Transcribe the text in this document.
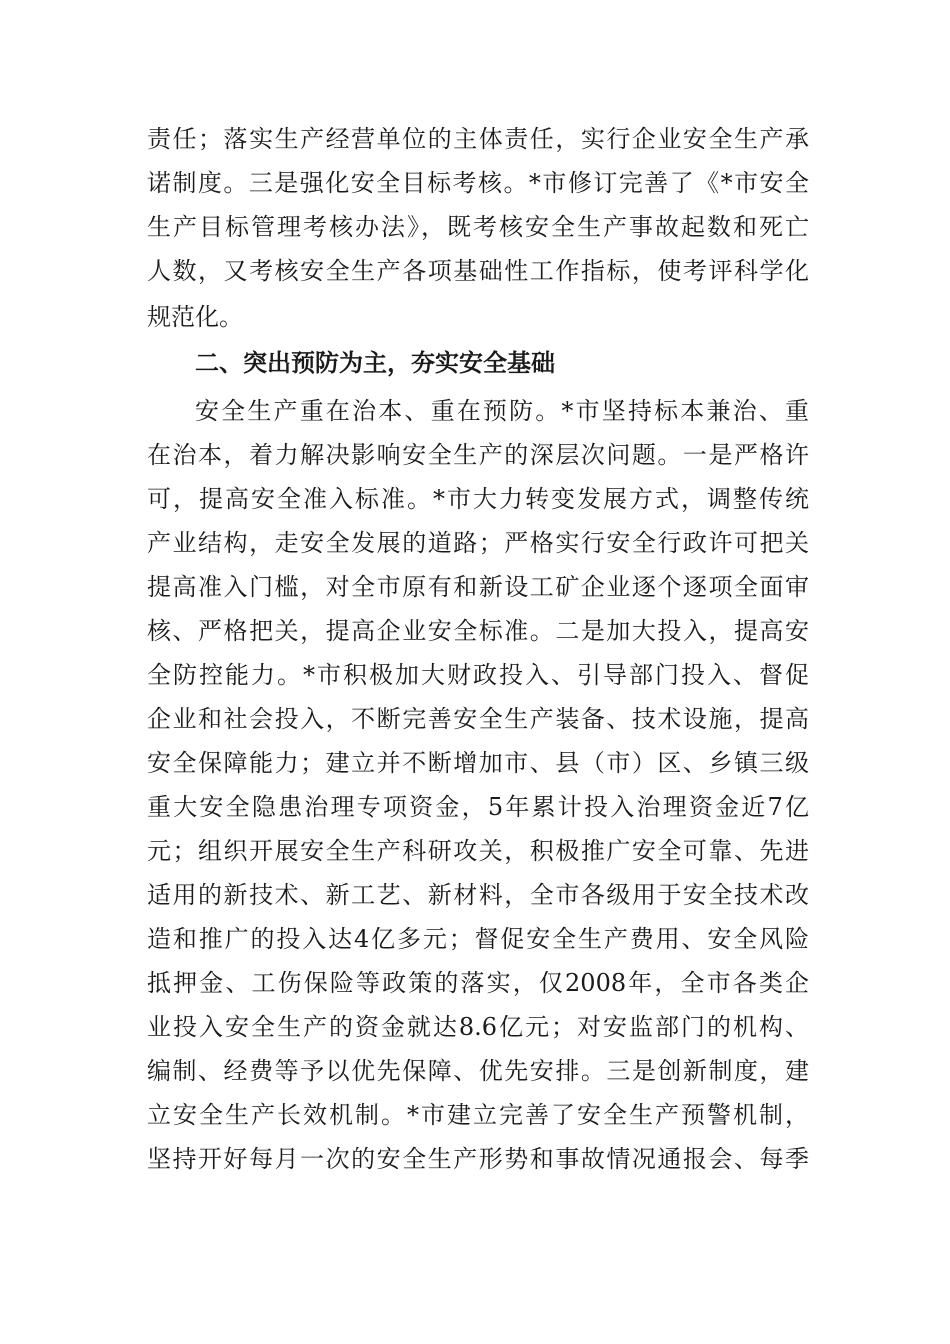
责任；落实生产经营单位的主体责任，实行企业安全生产承
诺制度。三是强化安全目标考核。*市修订完善了《*市安全
生产目标管理考核办法》，既考核安全生产事故起数和死亡
人数，又考核安全生产各项基础性工作指标，使考评科学化
规范化。
二、突出预防为主，夯实安全基础
安全生产重在治本、重在预防。*市坚持标本兼治、重
在治本，着力解决影响安全生产的深层次问题。一是严格许
可，提高安全准入标准。*市大力转变发展方式，调整传统
产业结构，走安全发展的道路；严格实行安全行政许可把关
提高准入门槛，对全市原有和新设工矿企业逐个逐项全面审
核、严格把关，提高企业安全标准。二是加大投入，提高安
全防控能力。*市积极加大财政投入、引导部门投入、督促
企业和社会投入，不断完善安全生产装备、技术设施，提高
安全保障能力；建立并不断增加市、县（市）区、乡镇三级
重大安全隐患治理专项资金，5年累计投入治理资金近7亿
元；组织开展安全生产科研攻关，积极推广安全可靠、先进
适用的新技术、新工艺、新材料，全市各级用于安全技术改
造和推广的投入达4亿多元；督促安全生产费用、安全风险
抵押金、工伤保险等政策的落实，仅2008年，全市各类企
业投入安全生产的资金就达8.6亿元；对安监部门的机构、
编制、经费等予以优先保障、优先安排。三是创新制度，建
立安全生产长效机制。*市建立完善了安全生产预警机制，
坚持开好每月一次的安全生产形势和事故情况通报会、每季
